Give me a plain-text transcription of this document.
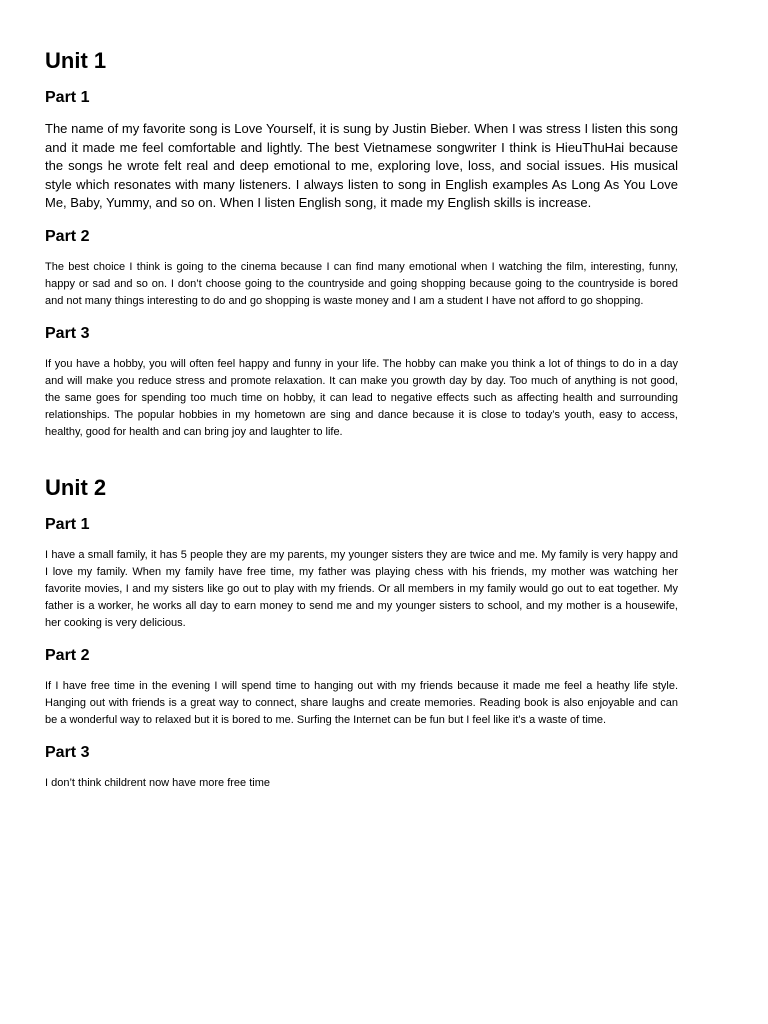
Unit 1
Part 1

The name of my favorite song is Love Yourself, it is sung by Justin Bieber. When I was stress I listen this song and it made me feel comfortable and lightly. The best Vietnamese songwriter I think is HieuThuHai because the songs he wrote felt real and deep emotional to me, exploring love, loss, and social issues. His musical style which resonates with many listeners. I always listen to song in English examples As Long As You Love Me, Baby, Yummy, and so on. When I listen English song, it made my English skills is increase.

Part 2

The best choice I think is going to the cinema because I can find many emotional when I watching the film, interesting, funny, happy or sad and so on. I don’t choose going to the countryside and going shopping because going to the countryside is bored and not many things interesting to do and go shopping is waste money and I am a student I have not afford to go shopping.

Part 3

If you have a hobby, you will often feel happy and funny in your life. The hobby can make you think a lot of things to do in a day and will make you reduce stress and promote relaxation. It can make you growth day by day. Too much of anything is not good, the same goes for spending too much time on hobby, it can lead to negative effects such as affecting health and surrounding relationships. The popular hobbies in my hometown are sing and dance because it is close to today’s youth, easy to access, healthy, good for health and can bring joy and laughter to life.

Unit 2
Part 1

I have a small family, it has 5 people they are my parents, my younger sisters they are twice and me. My family is very happy and I love my family. When my family have free time, my father was playing chess with his friends, my mother was watching her favorite movies, I and my sisters like go out to play with my friends. Or all members in my family would go out to eat together. My father is a worker, he works all day to earn money to send me and my younger sisters to school, and my mother is a housewife, her cooking is very delicious.

Part 2

If I have free time in the evening I will spend time to hanging out with my friends because it made me feel a heathy life style. Hanging out with friends is a great way to connect, share laughs and create memories. Reading book is also enjoyable and can be a wonderful way to relaxed but it is bored to me. Surfing the Internet can be fun but I feel like it’s a waste of time.

Part 3

I don’t think childrent now have more free time
